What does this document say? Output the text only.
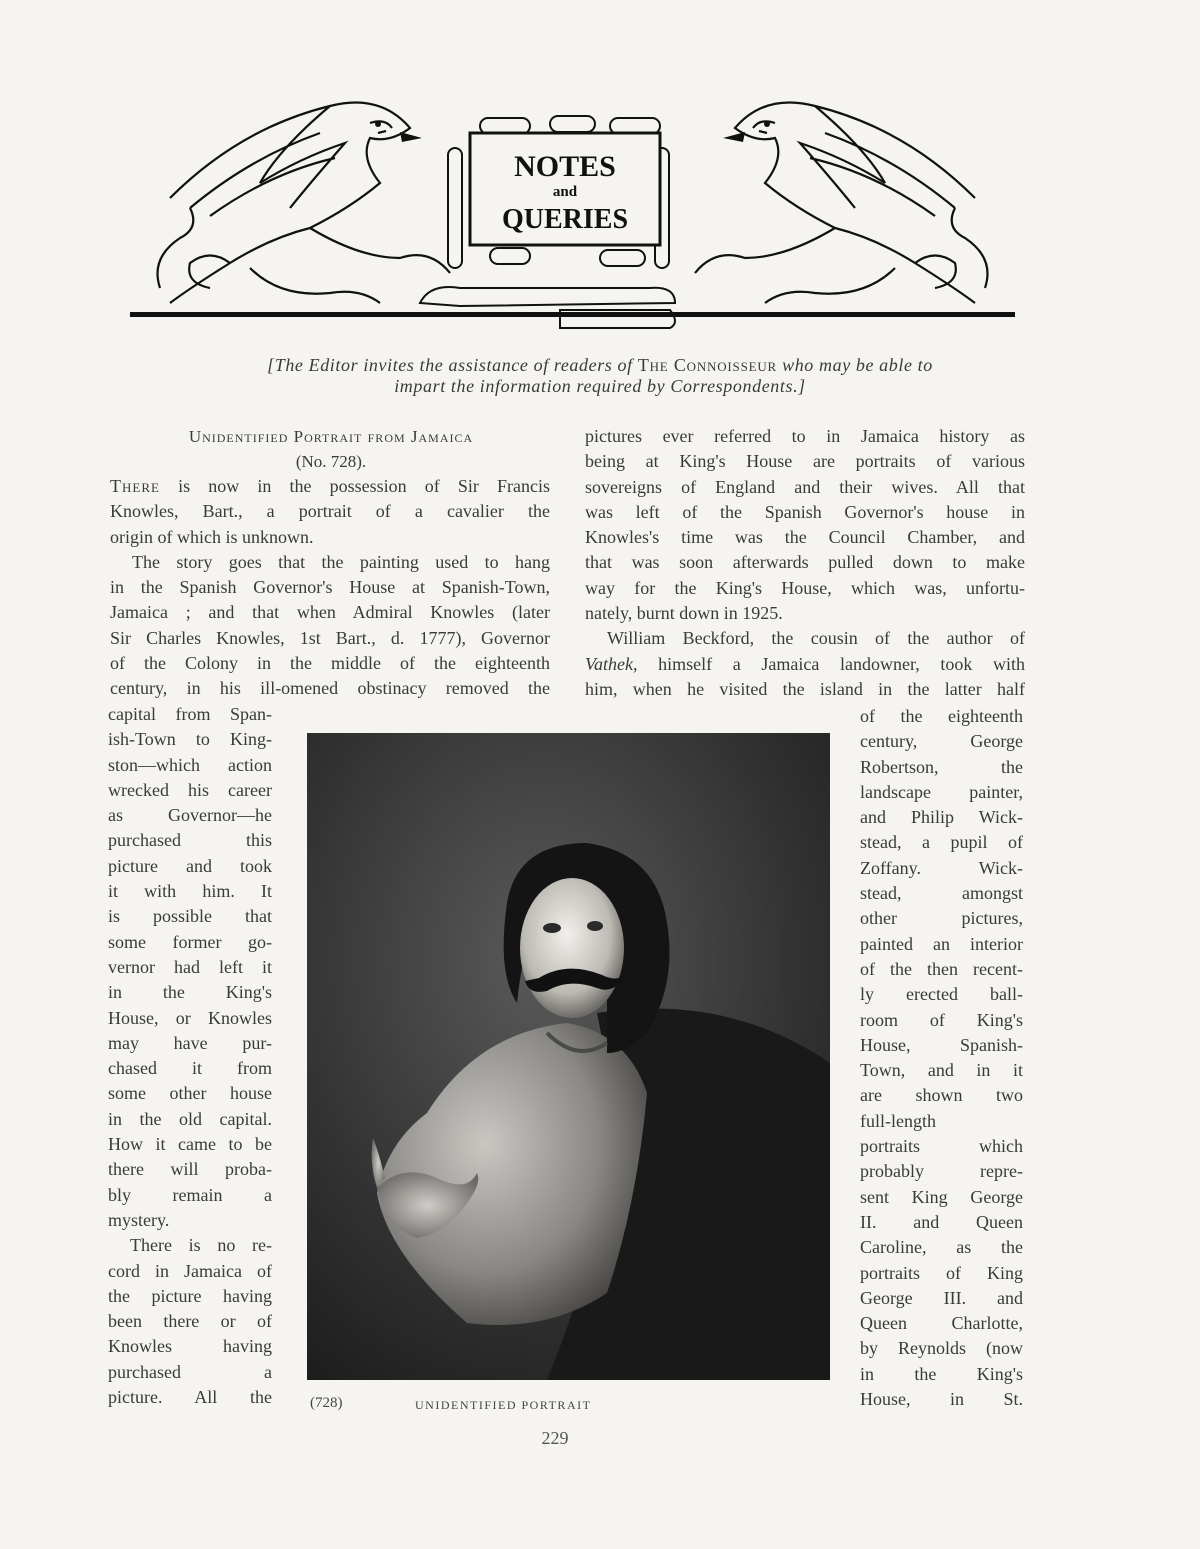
NOTES
and
QUERIES
[The Editor invites the assistance of readers of The Connoisseur who may be able to
impart the information required by Correspondents.]
Unidentified Portrait from Jamaica
(No. 728).
There is now in the possession of Sir Francis
Knowles, Bart., a portrait of a cavalier the
origin of which is unknown.
The story goes that the painting used to hang
in the Spanish Governor's House at Spanish-Town,
Jamaica ; and that when Admiral Knowles (later
Sir Charles Knowles, 1st Bart., d. 1777), Governor
of the Colony in the middle of the eighteenth
century, in his ill-omened obstinacy removed the
capital from Span-
ish-Town to King-
ston—which action
wrecked his career
as Governor—he
purchased this
picture and took
it with him. It
is possible that
some former go-
vernor had left it
in the King's
House, or Knowles
may have pur-
chased it from
some other house
in the old capital.
How it came to be
there will proba-
bly remain a
mystery.
There is no re-
cord in Jamaica of
the picture having
been there or of
Knowles having
purchased a
picture. All the
pictures ever referred to in Jamaica history as
being at King's House are portraits of various
sovereigns of England and their wives. All that
was left of the Spanish Governor's house in
Knowles's time was the Council Chamber, and
that was soon afterwards pulled down to make
way for the King's House, which was, unfortu-
nately, burnt down in 1925.
William Beckford, the cousin of the author of
Vathek, himself a Jamaica landowner, took with
him, when he visited the island in the latter half
of the eighteenth
century, George
Robertson, the
landscape painter,
and Philip Wick-
stead, a pupil of
Zoffany. Wick-
stead, amongst
other pictures,
painted an interior
of the then recent-
ly erected ball-
room of King's
House, Spanish-
Town, and in it
are shown two
full-length
portraits which
probably repre-
sent King George
II. and Queen
Caroline, as the
portraits of King
George III. and
Queen Charlotte,
by Reynolds (now
in the King's
House, in St.
(728)	UNIDENTIFIED PORTRAIT
229
